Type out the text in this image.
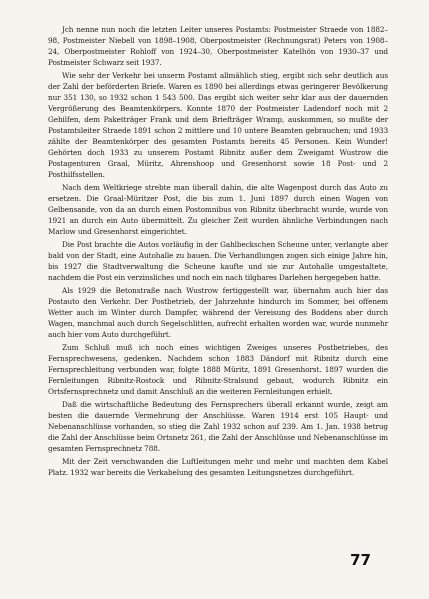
Jch nenne nun noch die letzten Leiter unseres Postamts: Postmeister Straede von 1882–98, Postmeister Niebell von 1898–1908, Oberpostmeister (Rechnungsrat) Peters von 1908–24, Oberpostmeister Rohloff von 1924–30, Oberpostmeister Katelhön von 1930–37 und Postmeister Schwarz seit 1937.

Wie sehr der Verkehr bei unserm Postamt allmählich stieg, ergibt sich sehr deutlich aus der Zahl der beförderten Briefe. Waren es 1890 bei allerdings etwas geringerer Bevölkerung nur 351 130, so 1932 schon 1 543 500. Das ergibt sich weiter sehr klar aus der dauernden Vergrößerung des Beamtenkörpers. Konnte 1870 der Postmeister Ladendorf noch mit 2 Gehilfen, dem Paketträger Frank und dem Briefträger Wramp, auskommen, so mußte der Postamtsleiter Straede 1891 schon 2 mittlere und 10 untere Beamten gebrauchen; und 1933 zählte der Beamtenkörper des gesamten Postamts bereits 45 Personen. Kein Wunder! Gehörten doch 1933 zu unserem Postamt Ribnitz außer dem Zweigamt Wustrow die Postagenturen Graal, Müritz, Ahrenshoop und Gresenhorst sowie 18 Post- und 2 Posthilfsstellen.

Nach dem Weltkriege strebte man überall dahin, die alte Wagenpost durch das Auto zu ersetzen. Die Graal-Müritzer Post, die bis zum 1. Juni 1897 durch einen Wagen von Gelbensande, von da an durch einen Postomnibus von Ribnitz überbracht wurde, wurde von 1921 an durch ein Auto übermittelt. Zu gleicher Zeit wurden ähnliche Verbindungen nach Marlow und Gresenhorst eingerichtet.

Die Post brachte die Autos vorläufig in der Gahlbeckschen Scheune unter, verlangte aber bald von der Stadt, eine Autohalle zu bauen. Die Verhandlungen zogen sich einige Jahre hin, bis 1927 die Stadtverwaltung die Scheune kaufte und sie zur Autohalle umgestaltete, nachdem die Post ein verzinsliches und noch ein nach tilgbares Darlehen hergegeben hatte.

Als 1929 die Betonstraße nach Wustrow fertiggestellt war, übernahm auch hier das Postauto den Verkehr. Der Postbetrieb, der Jahrzehnte hindurch im Sommer, bei offenem Wetter auch im Winter durch Dampfer, während der Vereisung des Boddens aber durch Wagen, manchmal auch durch Segelschlitten, aufrecht erhalten worden war, wurde nunmehr auch hier vom Auto durchgeführt.

Zum Schluß muß ich noch eines wichtigen Zweiges unseres Postbetriebes, des Fernsprechwesens, gedenken. Nachdem schon 1883 Dändorf mit Ribnitz durch eine Fernsprechleitung verbunden war, folgte 1888 Müritz, 1891 Gresenhorst. 1897 wurden die Fernleitungen Ribnitz-Rostock und Ribnitz-Stralsund gebaut, wodurch Ribnitz ein Ortsfernsprechnetz und damit Anschluß an die weiteren Fernleitungen erhielt.

Daß die wirtschaftliche Bedeutung des Fernsprechers überall erkannt wurde, zeigt am besten die dauernde Vermehrung der Anschlüsse. Waren 1914 erst 105 Haupt- und Nebenanschlüsse vorhanden, so stieg die Zahl 1932 schon auf 239. Am 1. Jan. 1938 betrug die Zahl der Anschlüsse beim Ortsnetz 261, die Zahl der Anschlüsse und Nebenanschlüsse im gesamten Fernsprechnetz 788.

Mit der Zeit verschwanden die Luftleitungen mehr und mehr und machten dem Kabel Platz. 1932 war bereits die Verkabelung des gesamten Leitungsnetzes durchgeführt.

77
